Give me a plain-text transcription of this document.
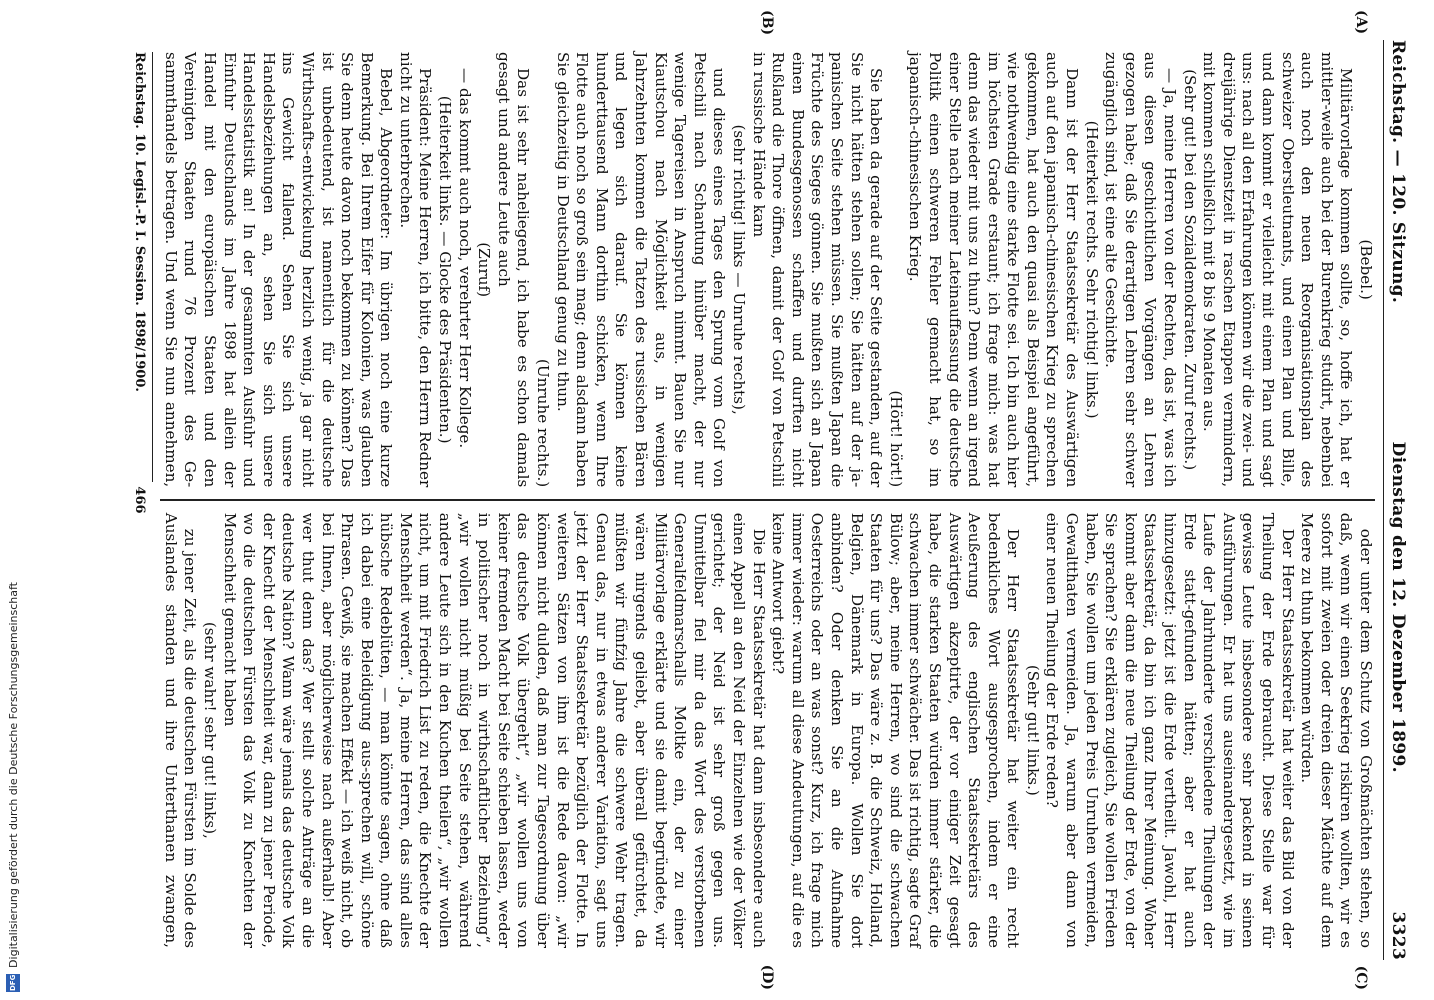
Reichstag. — 120. Sitzung.
Dienstag den 12. Dezember 1899.
3323
(A)
(B)
(C)
(D)

(Bebel.)

Militärvorlage kommen sollte, so, hoffe ich, hat er mittler-weile auch bei der Burenkrieg studirt, nebenbei auch noch den neuen Reorganisationsplan des schweizer Oberstleutnants, und einen Plan und Bille, und dann kommt er vielleicht mit einem Plan und sagt uns: nach all den Erfahrungen können wir die zwei- und dreijährige Dienstzeit in raschen Etappen vermindern, mit kommen schließlich mit 8 bis 9 Monaten aus.

(Sehr gut! bei den Sozialdemokraten. Zuruf rechts.)

— Ja, meine Herren von der Rechten, das ist, was ich aus diesen geschichtlichen Vorgängen an Lehren gezogen habe; daß Sie derartigen Lehren sehr schwer zugänglich sind, ist eine alte Geschichte.

(Heiterkeit rechts. Sehr richtig! links.)

Dann ist der Herr Staatssekretär des Auswärtigen auch auf den japanisch-chinesischen Krieg zu sprechen gekommen, hat auch den quasi als Beispiel angeführt, wie nothwendig eine starke Flotte sei. Ich bin auch hier im höchsten Grade erstaunt; ich frage mich: was hat denn das wieder mit uns zu thun? Denn wenn an irgend einer Stelle nach meiner Lateinauffassung die deutsche Politik einen schweren Fehler gemacht hat, so im japanisch-chinesischen Krieg.

(Hört! hört!)

Sie haben da gerade auf der Seite gestanden, auf der Sie nicht hätten stehen sollen; Sie hätten auf der ja-panischen Seite stehen müssen. Sie mußten Japan die Früchte des Sieges gönnen. Sie mußten sich an Japan einen Bundesgenossen schaffen und durften nicht Rußland die Thore öffnen, damit der Golf von Petschili in russische Hände kam

(sehr richtig! links — Unruhe rechts),

und dieses eines Tages den Sprung vom Golf von Petschili nach Schantung hinüber macht, der nur wenige Tagereisen in Anspruch nimmt. Bauen Sie nur Kiautschou nach Möglichkeit aus, in wenigen Jahrzehnten kommen die Tatzen des russischen Bären und legen sich darauf. Sie können keine hunderttausend Mann dorthin schicken, wenn Ihre Flotte auch noch so groß sein mag; denn alsdann haben Sie gleichzeitig in Deutschland genug zu thun.

(Unruhe rechts.)

Das ist sehr naheliegend, ich habe es schon damals gesagt und andere Leute auch

(Zuruf)

— das kommt auch noch, verehrter Herr Kollege.

(Heiterkeit links. — Glocke des Präsidenten.)

Präsident: Meine Herren, ich bitte, den Herrn Redner nicht zu unterbrechen.

Bebel, Abgeordneter: Im übrigen noch eine kurze Bemerkung. Bei Ihrem Eifer für Kolonien, was glauben Sie denn heute davon noch bekommen zu können? Das ist unbedeutend, ist namentlich für die deutsche Wirthschafts-entwickelung herzlich wenig, ja gar nicht ins Gewicht fallend. Sehen Sie sich unsere Handelsbeziehungen an, sehen Sie sich unsere Handelsstatistik an! In der gesammten Ausfuhr und Einfuhr Deutschlands im Jahre 1898 hat allein der Handel mit den europäischen Staaten und den Vereinigten Staaten rund 76 Prozent des Ge-sammthandels betragen. Und wenn Sie nun annehmen,

oder unter dem Schutz von Großmächten stehen, so daß, wenn wir einen Seekrieg riskiren wollten, wir es sofort mit zweien oder dreien dieser Mächte auf dem Meere zu thun bekommen würden.

Der Herr Staatssekretär hat weiter das Bild von der Theilung der Erde gebraucht. Diese Stelle war für gewisse Leute insbesondere sehr packend in seinen Ausführungen. Er hat uns auseinandergesetzt, wie im Laufe der Jahrhunderte verschiedene Theilungen der Erde statt-gefunden hätten; aber er hat auch hinzugesetzt: jetzt ist die Erde vertheilt. Jawohl, Herr Staatssekretär, da bin ich ganz Ihrer Meinung. Woher kommt aber dann die neue Theilung der Erde, von der Sie sprachen? Sie erklären zugleich, Sie wollen Frieden haben, Sie wollen um jeden Preis Unruhen vermeiden, Gewaltthaten vermeiden. Ja, warum aber dann von einer neuen Theilung der Erde reden?

(Sehr gut! links.)

Der Herr Staatssekretär hat weiter ein recht bedenkliches Wort ausgesprochen, indem er eine Aeußerung des englischen Staatssekretärs des Auswärtigen akzeptirte, der vor einiger Zeit gesagt habe, die starken Staaten würden immer stärker, die schwachen immer schwächer. Das ist richtig, sagte Graf Bülow; aber, meine Herren, wo sind die schwachen Staaten für uns? Das wäre z. B. die Schweiz, Holland, Belgien, Dänemark in Europa. Wollen Sie dort anbinden? Oder denken Sie an die Aufnahme Oesterreichs oder an was sonst? Kurz, ich frage mich immer wieder: warum all diese Andeutungen, auf die es keine Antwort giebt?

Die Herr Staatssekretär hat dann insbesondere auch einen Appell an den Neid der Einzelnen wie der Völker gerichtet; der Neid ist sehr groß gegen uns. Unmittelbar fiel mir da das Wort des verstorbenen Generalfeldmarschalls Moltke ein, der zu einer Militärvorlage erklärte und sie damit begründete, wir wären nirgends geliebt, aber überall gefürchtet, da müßten wir fünfzig Jahre die schwere Wehr tragen. Genau das, nur in etwas anderer Variation, sagt uns jetzt der Herr Staatssekretär bezüglich der Flotte. In weiteren Sätzen von ihm ist die Rede davon: „wir können nicht dulden, daß man zur Tagesordnung über das deutsche Volk übergeht“, „wir wollen uns von keiner fremden Macht bei Seite schieben lassen, weder in politischer noch in wirthschaftlicher Beziehung“, „wir wollen nicht müßig bei Seite stehen, während andere Leute sich in den Kuchen theilen“, „wir wollen nicht, um mit Friedrich List zu reden, die Knechte der Menschheit werden“. Ja, meine Herren, das sind alles hübsche Redeblüten, — man könnte sagen, ohne daß ich dabei eine Beleidigung aus-sprechen will, schöne Phrasen. Gewiß, sie machen Effekt — ich weiß nicht, ob bei Ihnen, aber möglicherweise nach außerhalb! Aber wer thut denn das? Wer stellt solche Anträge an die deutsche Nation? Wann wäre jemals das deutsche Volk der Knecht der Menschheit war, dann zu jener Periode, wo die deutschen Fürsten das Volk zu Knechten der Menschheit gemacht haben

(sehr wahr! sehr gut! links),

zu jener Zeit, als die deutschen Fürsten im Solde des Auslandes standen und ihre Unterthanen zwangen,

Reichstag. 10. Legisl.-P. I. Session. 1898/1900.
466
Digitalisierung gefördert durch die Deutsche Forschungsgemeinschaft
DFG
